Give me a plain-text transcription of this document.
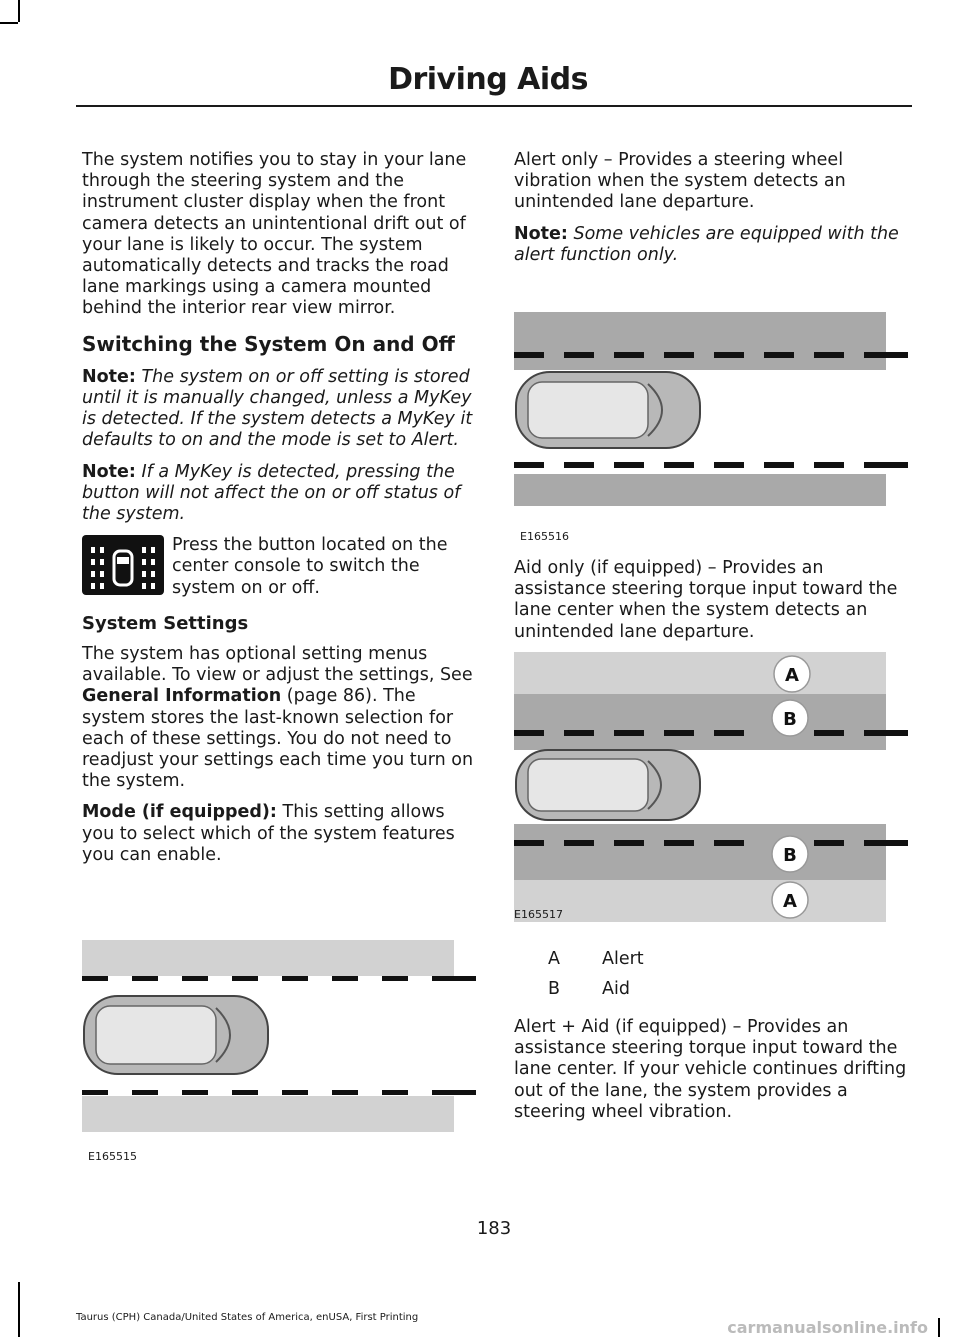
Driving Aids

The system notifies you to stay in your lane through the steering system and the instrument cluster display when the front camera detects an unintentional drift out of your lane is likely to occur. The system automatically detects and tracks the road lane markings using a camera mounted behind the interior rear view mirror.

Switching the System On and Off

Note: The system on or off setting is stored until it is manually changed, unless a MyKey is detected. If the system detects a MyKey it defaults to on and the mode is set to Alert.

Note: If a MyKey is detected, pressing the button will not affect the on or off status of the system.

Press the button located on the center console to switch the system on or off.
System Settings

The system has optional setting menus available. To view or adjust the settings, See General Information (page 86). The system stores the last-known selection for each of these settings. You do not need to readjust your settings each time you turn on the system.

Mode (if equipped): This setting allows you to select which of the system features you can enable.

E165515

Alert only – Provides a steering wheel vibration when the system detects an unintended lane departure.

Note: Some vehicles are equipped with the alert function only.

E165516

Aid only (if equipped) – Provides an assistance steering torque input toward the lane center when the system detects an unintended lane departure.

A
B
B
A
E165517
A	Alert
B	Aid

Alert + Aid (if equipped) – Provides an assistance steering torque input toward the lane center. If your vehicle continues drifting out of the lane, the system provides a steering wheel vibration.

183
Taurus (CPH) Canada/United States of America, enUSA, First Printing
carmanualsonline.info
